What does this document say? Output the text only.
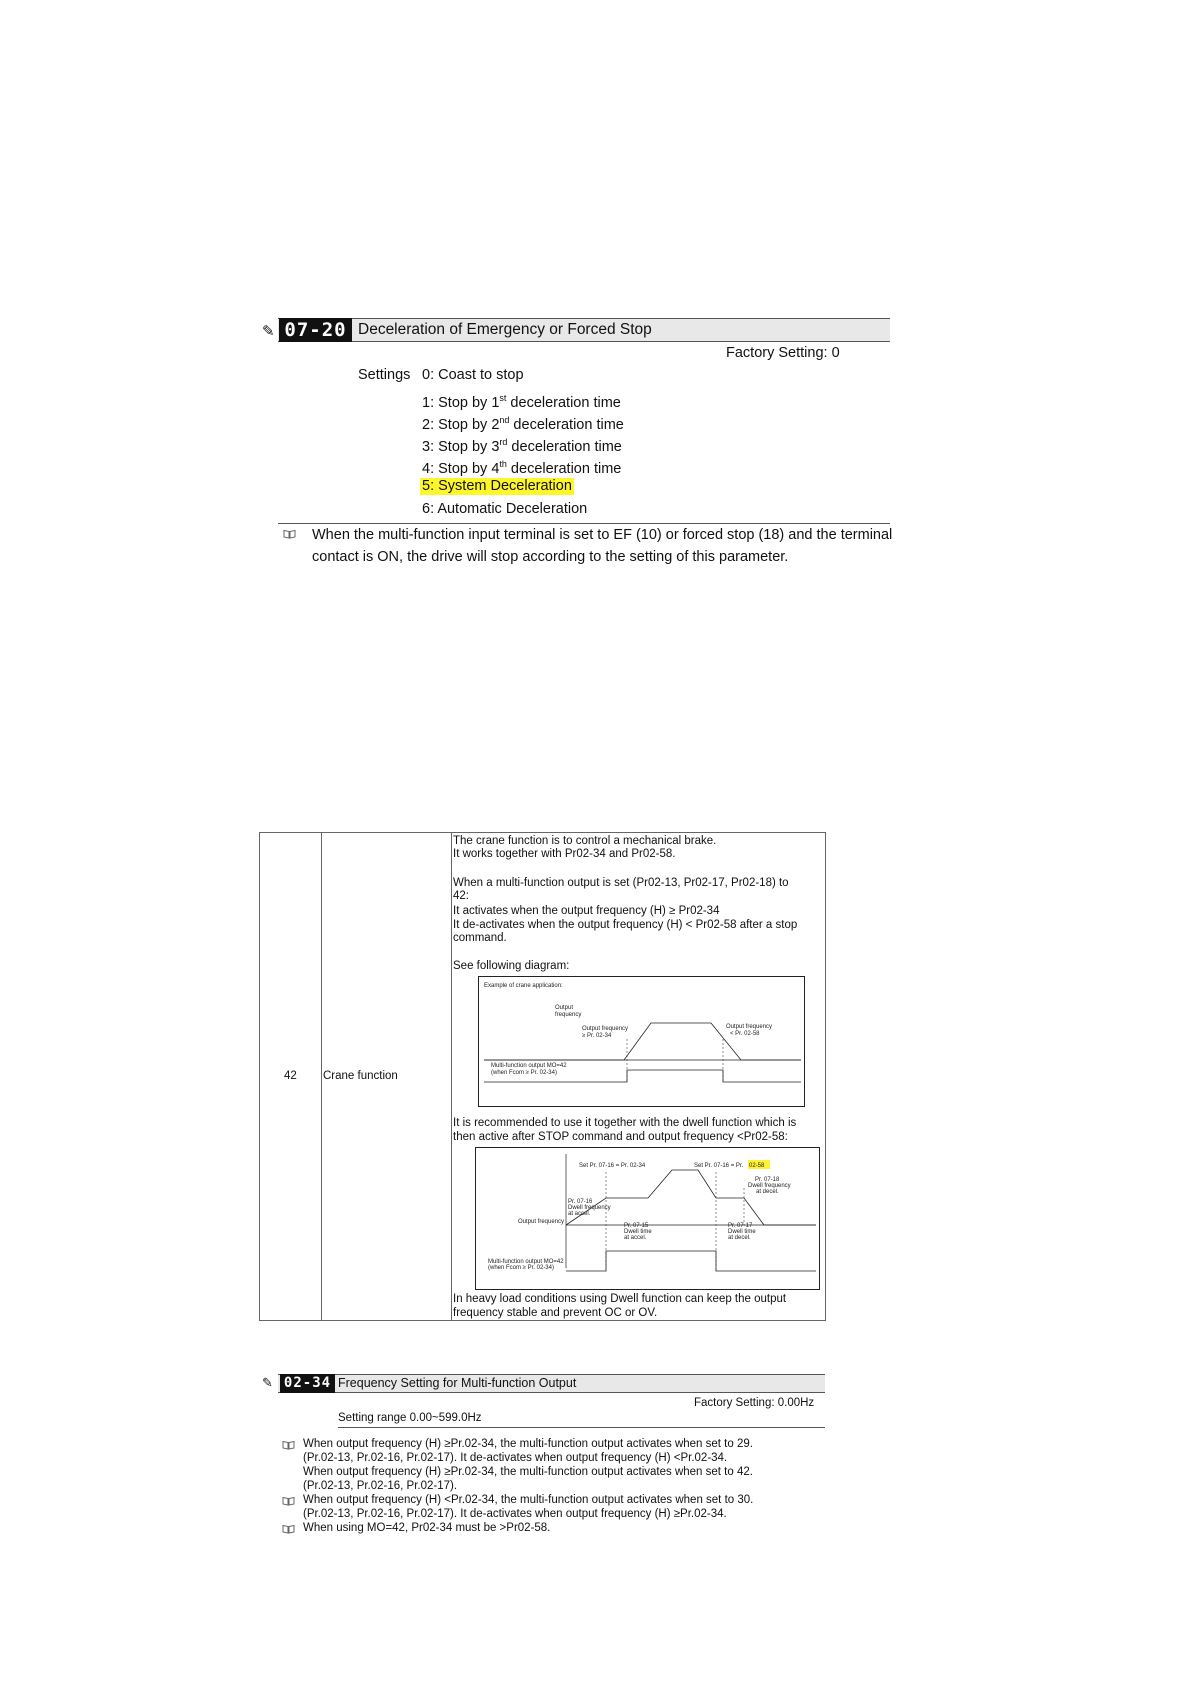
✎ 07-20 Deceleration of Emergency or Forced Stop
Factory Setting: 0
Settings 0: Coast to stop
1: Stop by 1st deceleration time
2: Stop by 2nd deceleration time
3: Stop by 3rd deceleration time
4: Stop by 4th deceleration time
5: System Deceleration
6: Automatic Deceleration
When the multi-function input terminal is set to EF (10) or forced stop (18) and the terminal
contact is ON, the drive will stop according to the setting of this parameter.
42 Crane function
The crane function is to control a mechanical brake.
It works together with Pr02-34 and Pr02-58.
When a multi-function output is set (Pr02-13, Pr02-17, Pr02-18) to
42:
It activates when the output frequency (H) ≥ Pr02-34
It de-activates when the output frequency (H) < Pr02-58 after a stop
command.
See following diagram:
Example of crane application:
Output
frequency
Output frequency
≥ Pr. 02-34
Output frequency
< Pr. 02-58
Multi-function output MO=42
(when Fcom ≥ Pr. 02-34)
It is recommended to use it together with the dwell function which is
then active after STOP command and output frequency <Pr02-58:
Set Pr. 07-16 = Pr. 02-34	Set Pr. 07-16 = Pr. 02-58
Pr. 07-18
Dwell frequency
at decel.
Pr. 07-16
Dwell frequency
at accel.
Output frequency
Pr. 07-15
Dwell time
at accel.
Pr. 07-17
Dwell time
at decel.
Multi-function output MO=42
(when Fcom ≥ Pr. 02-34)
In heavy load conditions using Dwell function can keep the output
frequency stable and prevent OC or OV.
✎ 02-34 Frequency Setting for Multi-function Output
Factory Setting: 0.00Hz
Setting range 0.00~599.0Hz
When output frequency (H) ≥Pr.02-34, the multi-function output activates when set to 29.
(Pr.02-13, Pr.02-16, Pr.02-17). It de-activates when output frequency (H) <Pr.02-34.
When output frequency (H) ≥Pr.02-34, the multi-function output activates when set to 42.
(Pr.02-13, Pr.02-16, Pr.02-17).
When output frequency (H) <Pr.02-34, the multi-function output activates when set to 30.
(Pr.02-13, Pr.02-16, Pr.02-17). It de-activates when output frequency (H) ≥Pr.02-34.
When using MO=42, Pr02-34 must be >Pr02-58.
